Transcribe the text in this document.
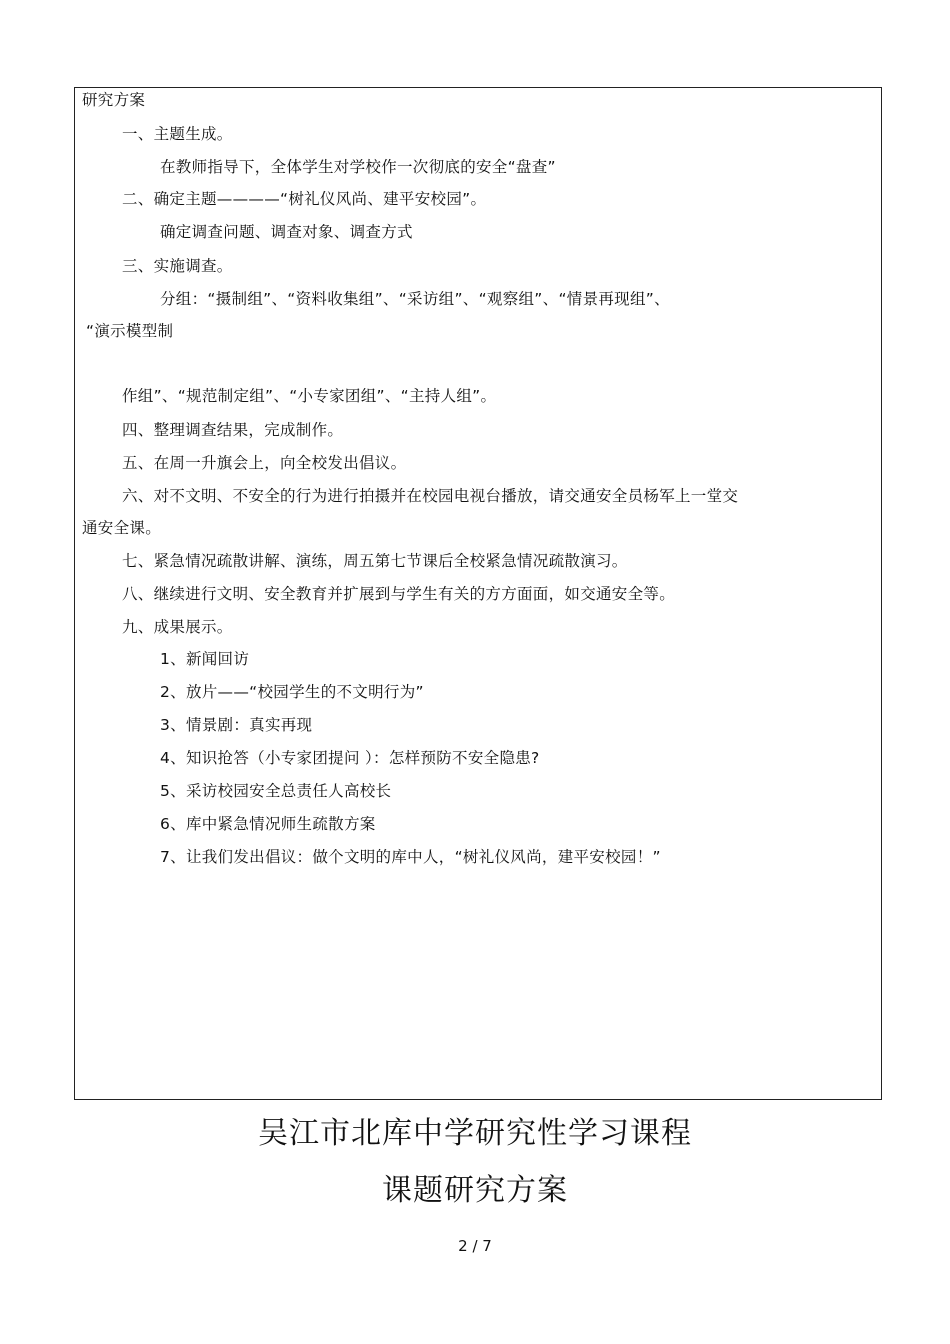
研究方案
一、主题生成。
在教师指导下，全体学生对学校作一次彻底的安全“盘查”
二、确定主题————“树礼仪风尚、建平安校园”。
确定调查问题、调查对象、调查方式
三、实施调查。
分组：“摄制组”、“资料收集组”、“采访组”、“观察组”、“情景再现组”、
“演示模型制
作组”、“规范制定组”、“小专家团组”、“主持人组”。
四、整理调查结果，完成制作。
五、在周一升旗会上，向全校发出倡议。
六、对不文明、不安全的行为进行拍摄并在校园电视台播放，请交通安全员杨军上一堂交
通安全课。
七、紧急情况疏散讲解、演练，周五第七节课后全校紧急情况疏散演习。
八、继续进行文明、安全教育并扩展到与学生有关的方方面面，如交通安全等。
九、成果展示。
1、新闻回访
2、放片——“校园学生的不文明行为”
3、情景剧：真实再现
4、知识抢答（小专家团提问 ）：怎样预防不安全隐患?
5、采访校园安全总责任人高校长
6、库中紧急情况师生疏散方案
7、让我们发出倡议：做个文明的库中人，“树礼仪风尚，建平安校园！”
吴江市北库中学研究性学习课程
课题研究方案
2 / 7
